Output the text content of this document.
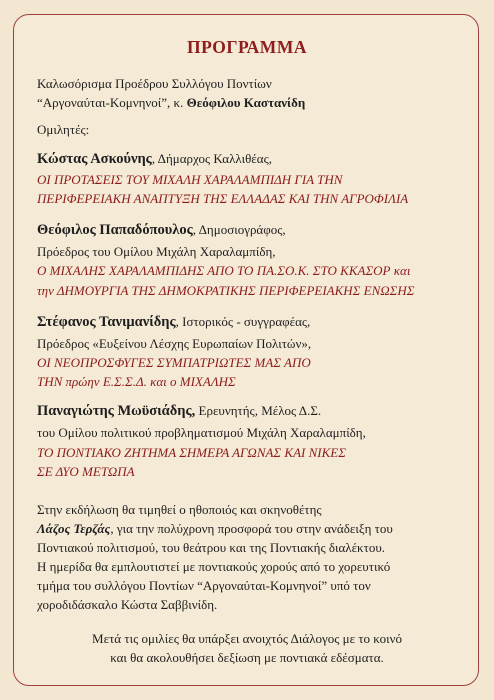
ΠΡΟΓΡΑΜΜΑ
Καλωσόρισμα Προέδρου Συλλόγου Ποντίων
“Αργοναύται-Κομνηνοί”, κ. Θεόφιλου Καστανίδη
Ομιλητές:
Κώστας Ασκούνης, Δήμαρχος Καλλιθέας,
ΟΙ ΠΡΟΤΑΣΕΙΣ ΤΟΥ ΜΙΧΑΛΗ ΧΑΡΑΛΑΜΠΙΔΗ ΓΙΑ ΤΗΝ
ΠΕΡΙΦΕΡΕΙΑΚΗ ΑΝΑΠΤΥΞΗ ΤΗΣ ΕΛΛΑΔΑΣ ΚΑΙ ΤΗΝ ΑΓΡΟΦΙΛΙΑ
Θεόφιλος Παπαδόπουλος, Δημοσιογράφος,
Πρόεδρος του Ομίλου Μιχάλη Χαραλαμπίδη,
Ο ΜΙΧΑΛΗΣ ΧΑΡΑΛΑΜΠΙΔΗΣ ΑΠΟ ΤΟ ΠΑ.ΣΟ.Κ. ΣΤΟ ΚΚΑΣΟΡ και
την ΔΗΜΟΥΡΓΙΑ ΤΗΣ ΔΗΜΟΚΡΑΤΙΚΗΣ ΠΕΡΙΦΕΡΕΙΑΚΗΣ ΕΝΩΣΗΣ
Στέφανος Τανιμανίδης, Ιστορικός - συγγραφέας,
Πρόεδρος «Ευξείνου Λέσχης Ευρωπαίων Πολιτών»,
ΟΙ ΝΕΟΠΡΟΣΦΥΓΕΣ ΣΥΜΠΑΤΡΙΩΤΕΣ ΜΑΣ ΑΠΟ
ΤΗΝ πρώην Ε.Σ.Σ.Δ. και ο ΜΙΧΑΛΗΣ
Παναγιώτης Μωϋσιάδης, Ερευνητής, Μέλος Δ.Σ.
του Ομίλου πολιτικού προβληματισμού Μιχάλη Χαραλαμπίδη,
ΤΟ ΠΟΝΤΙΑΚΟ ΖΗΤΗΜΑ ΣΗΜΕΡΑ ΑΓΩΝΑΣ ΚΑΙ ΝΙΚΕΣ
ΣΕ ΔΥΟ ΜΕΤΩΠΑ
Στην εκδήλωση θα τιμηθεί ο ηθοποιός και σκηνοθέτης
Λάζος Τερζάς, για την πολύχρονη προσφορά του στην ανάδειξη του
Ποντιακού πολιτισμού, του θεάτρου και της Ποντιακής διαλέκτου.
Η ημερίδα θα εμπλουτιστεί με ποντιακούς χορούς από το χορευτικό
τμήμα του συλλόγου Ποντίων “Αργοναύται-Κομνηνοί” υπό τον
χοροδιδάσκαλο Κώστα Σαββινίδη.
Μετά τις ομιλίες θα υπάρξει ανοιχτός Διάλογος με το κοινό
και θα ακολουθήσει δεξίωση με ποντιακά εδέσματα.
